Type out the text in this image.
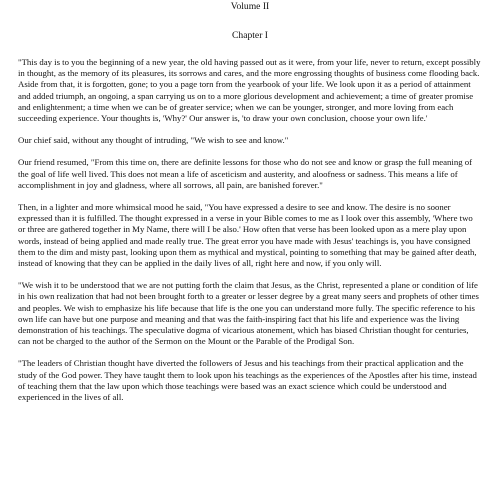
Volume II

Chapter I

"This day is to you the beginning of a new year, the old having passed out as it were, from your life, never to return, except possibly in thought, as the memory of its pleasures, its sorrows and cares, and the more engrossing thoughts of business come flooding back. Aside from that, it is forgotten, gone; to you a page torn from the yearbook of your life. We look upon it as a period of attainment and added triumph, an ongoing, a span carrying us on to a more glorious development and achievement; a time of greater promise and enlightenment; a time when we can be of greater service; when we can be younger, stronger, and more loving from each succeeding experience. Your thoughts is, 'Why?' Our answer is, 'to draw your own conclusion, choose your own life.'

Our chief said, without any thought of intruding, "We wish to see and know."

Our friend resumed, "From this time on, there are definite lessons for those who do not see and know or grasp the full meaning of the goal of life well lived. This does not mean a life of asceticism and austerity, and aloofness or sadness. This means a life of accomplishment in joy and gladness, where all sorrows, all pain, are banished forever."

Then, in a lighter and more whimsical mood he said, "You have expressed a desire to see and know. The desire is no sooner expressed than it is fulfilled. The thought expressed in a verse in your Bible comes to me as I look over this assembly, 'Where two or three are gathered together in My Name, there will I be also.' How often that verse has been looked upon as a mere play upon words, instead of being applied and made really true. The great error you have made with Jesus' teachings is, you have consigned them to the dim and misty past, looking upon them as mythical and mystical, pointing to something that may be gained after death, instead of knowing that they can be applied in the daily lives of all, right here and now, if you only will.

"We wish it to be understood that we are not putting forth the claim that Jesus, as the Christ, represented a plane or condition of life in his own realization that had not been brought forth to a greater or lesser degree by a great many seers and prophets of other times and peoples. We wish to emphasize his life because that life is the one you can understand more fully. The specific reference to his own life can have but one purpose and meaning and that was the faith-inspiring fact that his life and experience was the living demonstration of his teachings. The speculative dogma of vicarious atonement, which has biased Christian thought for centuries, can not be charged to the author of the Sermon on the Mount or the Parable of the Prodigal Son.

"The leaders of Christian thought have diverted the followers of Jesus and his teachings from their practical application and the study of the God power. They have taught them to look upon his teachings as the experiences of the Apostles after his time, instead of teaching them that the law upon which those teachings were based was an exact science which could be understood and experienced in the lives of all.
